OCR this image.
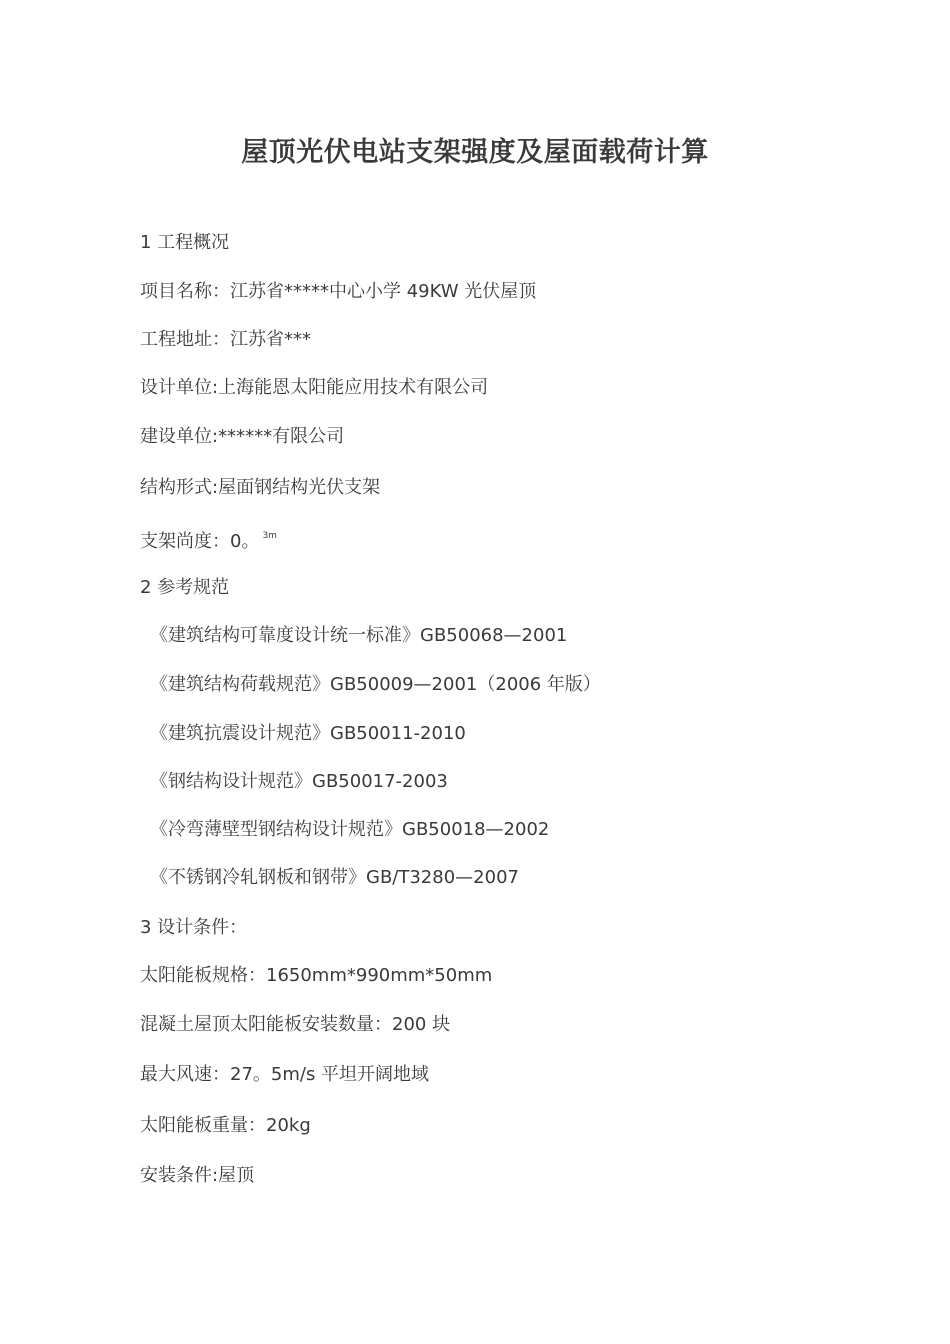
屋顶光伏电站支架强度及屋面载荷计算
1 工程概况
项目名称：江苏省*****中心小学 49KW 光伏屋顶
工程地址：江苏省***
设计单位:上海能恩太阳能应用技术有限公司
建设单位:******有限公司
结构形式:屋面钢结构光伏支架
支架尚度：0。 $^{3m}$
2 参考规范
《建筑结构可靠度设计统一标准》GB50068—2001
《建筑结构荷载规范》GB50009—2001（2006 年版）
《建筑抗震设计规范》GB50011-2010
《钢结构设计规范》GB50017-2003
《冷弯薄壁型钢结构设计规范》GB50018—2002
《不锈钢冷轧钢板和钢带》GB/T3280—2007
3 设计条件：
太阳能板规格：1650mm*990mm*50mm
混凝土屋顶太阳能板安装数量：200 块
最大风速：27。5m/s 平坦开阔地域
太阳能板重量：20kg
安装条件:屋顶
